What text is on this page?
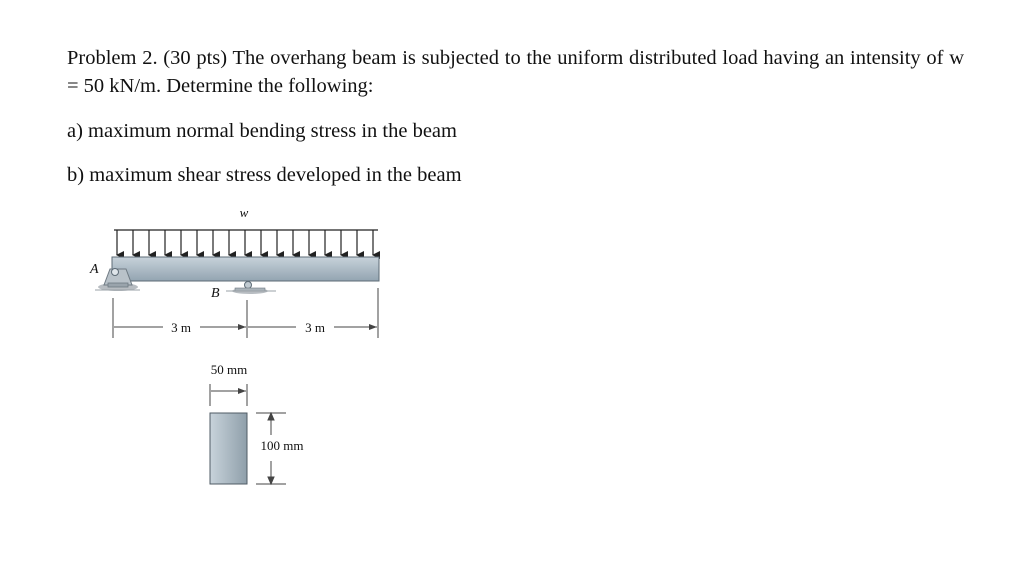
Problem 2. (30 pts) The overhang beam is subjected to the uniform distributed load having an intensity of w = 50 kN/m. Determine the following:
a) maximum normal bending stress in the beam
b) maximum shear stress developed in the beam
w
A
B
3 m	3 m
50 mm
100 mm
